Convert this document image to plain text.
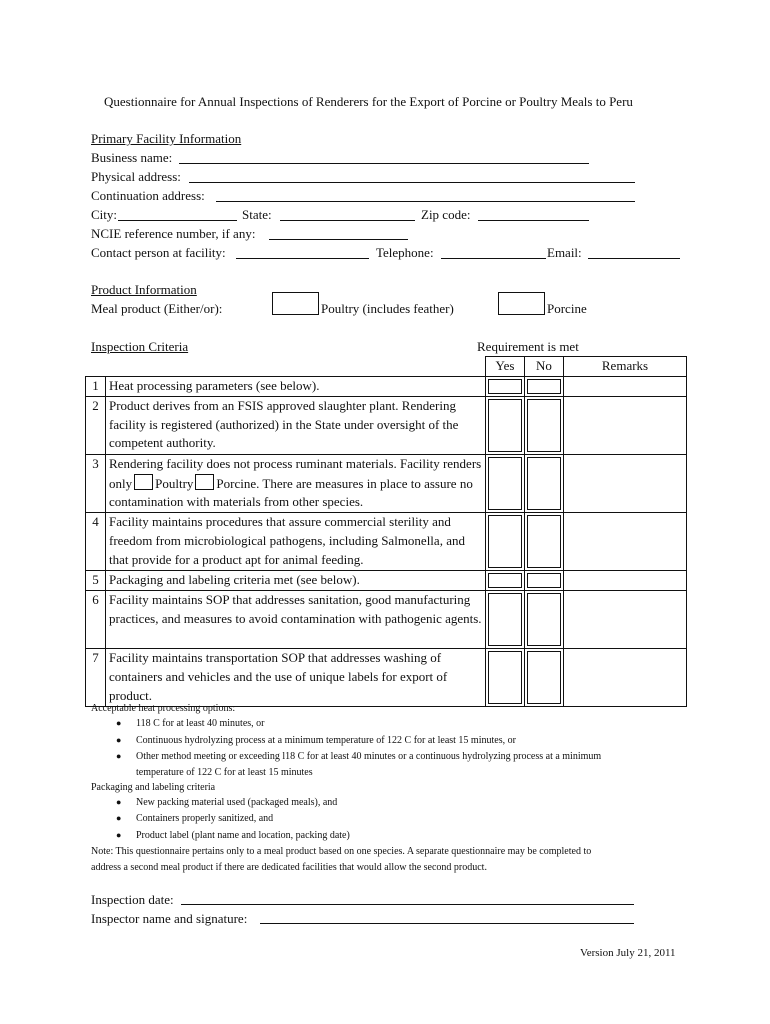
Questionnaire for Annual Inspections of Renderers for the Export of Porcine or Poultry Meals to Peru
Primary Facility Information
Business name:
Physical address:
Continuation address:
City:	State:	Zip code:
NCIE reference number, if any:
Contact person at facility:	Telephone:	Email:
Product Information
Meal product (Either/or):	Poultry (includes feather)	Porcine
Inspection Criteria	Requirement is met
		Yes	No	Remarks
1	Heat processing parameters (see below).	

2	Product derives from an FSIS approved slaughter plant. Rendering facility is registered (authorized) in the State under oversight of the competent authority.	

3	Rendering facility does not process ruminant materials. Facility renders only Poultry Porcine. There are measures in place to assure no contamination with materials from other species.	

4	Facility maintains procedures that assure commercial sterility and freedom from microbiological pathogens, including Salmonella, and that provide for a product apt for animal feeding.	

5	Packaging and labeling criteria met (see below).	

6	Facility maintains SOP that addresses sanitation, good manufacturing practices, and measures to avoid contamination with pathogenic agents.	

7	Facility maintains transportation SOP that addresses washing of containers and vehicles and the use of unique labels for export of product.	

Acceptable heat processing options:
● 118 C for at least 40 minutes, or
● Continuous hydrolyzing process at a minimum temperature of 122 C for at least 15 minutes, or
● Other method meeting or exceeding l18 C for at least 40 minutes or a continuous hydrolyzing process at a minimum
temperature of 122 C for at least 15 minutes
Packaging and labeling criteria
● New packing material used (packaged meals), and
● Containers properly sanitized, and
● Product label (plant name and location, packing date)
Note: This questionnaire pertains only to a meal product based on one species. A separate questionnaire may be completed to
address a second meal product if there are dedicated facilities that would allow the second product.
Inspection date:
Inspector name and signature:
Version July 21, 2011
